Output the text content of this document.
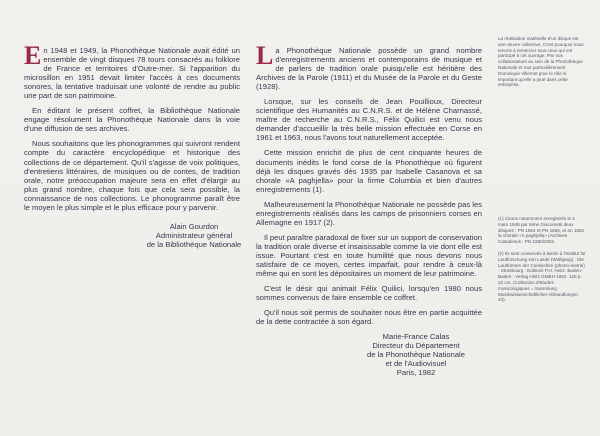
En 1948 et 1949, la Phonothèque Nationale avait édité un ensemble de vingt disques 78 tours consacrés au folklore de France et territoires d'Outre-mer. Si l'apparition du microsillon en 1951 devait limiter l'accès à ces documents sonores, la tentative traduisait une volonté de rendre au public une part de son patrimoine.

En éditant le présent coffret, la Bibliothèque Nationale engage résolument la Phonothèque Nationale dans la voie d'une diffusion de ses archives.

Nous souhaitons que les phonogrammes qui suivront rendent compte du caractère encyclopédique et historique des collections de ce département. Qu'il s'agisse de voix politiques, d'entretiens littéraires, de musiques ou de contes, de tradition orale, notre préoccupation majeure sera en effet d'élargir au plus grand nombre, chaque fois que cela sera possible, la connaissance de nos collections. Le phonogramme paraît être le moyen le plus simple et le plus efficace pour y parvenir.

Alain Gourdon
Administrateur général
de la Bibliothèque Nationale

La Phonothèque Nationale possède un grand nombre d'enregistrements anciens et contemporains de musique et de parlers de tradition orale puisqu'elle est héritière des Archives de la Parole (1911) et du Musée de la Parole et du Geste (1928).

Lorsque, sur les conseils de Jean Pouillioux, Directeur scientifique des Humanités au C.N.R.S. et de Hélène Charnassé, maître de recherche au C.N.R.S., Félix Quilici est venu nous demander d'accueillir la très belle mission effectuée en Corse en 1961 et 1963, nous l'avons tout naturellement acceptée.

Cette mission enrichit de plus de cent cinquante heures de documents inédits le fond corse de la Phonothèque où figurent déjà les disques gravés dès 1935 par Isabelle Casanova et sa chorale «A paghjella» pour la firme Columbia et bien d'autres enregistrements (1).

Malheureusement la Phonothèque Nationale ne possède pas les enregistrements réalisés dans les camps de prisonniers corses en Allemagne en 1917 (2).

Il peut paraître paradoxal de fixer sur un support de conservation la tradition orale diverse et insaisissable comme la vie dont elle est issue. Pourtant c'est en toute humilité que nous devons nous satisfaire de ce moyen, certes imparfait, pour rendre à ceux-là même qui en sont les dépositaires un moment de leur patrimoine.

C'est le désir qui animait Félix Quilici, lorsqu'en 1980 nous sommes convenus de faire ensemble ce coffret.

Qu'il nous soit permis de souhaiter nous être en partie acquittée de la dette contractée à son égard.

Marie-France Calas
Directeur du Département
de la Phonothèque Nationale
et de l'Audiovisuel
Paris, 1982
La réalisation matérielle d'un disque est une œuvre collective. C'est pourquoi nous tenons à remercier tous ceux qui ont participé à cet ouvrage. Par nos collaborateurs au sein de la Phonothèque Nationale et tout particulièrement Dominique Villemot pour le rôle si important qu'elle a joué dans cette entreprise.
(1) Citons notamment enregistrés le 2 mars 1949 par Mme Giacometti deux disques : PN 1664 et PN 1665, et en 1952 la chorale «A paghjella» (Archives Casadesus : PN 2350/2351.
(2) Ils sont conservés à Berlin à l'Institut für Lautforschung von Lasde (Wolfgang) : Die Lautformen der Corsischen (phono-metrie) - Strasbourg : Editions P.H. Heitz. Baden-Baden : Verlag Heitz GMBH 1962. 125 p. 22 cm. (Collection d'Etudes musicologiques = Sammlung Musikwissenschaftlicher Abhandlungen 43).
